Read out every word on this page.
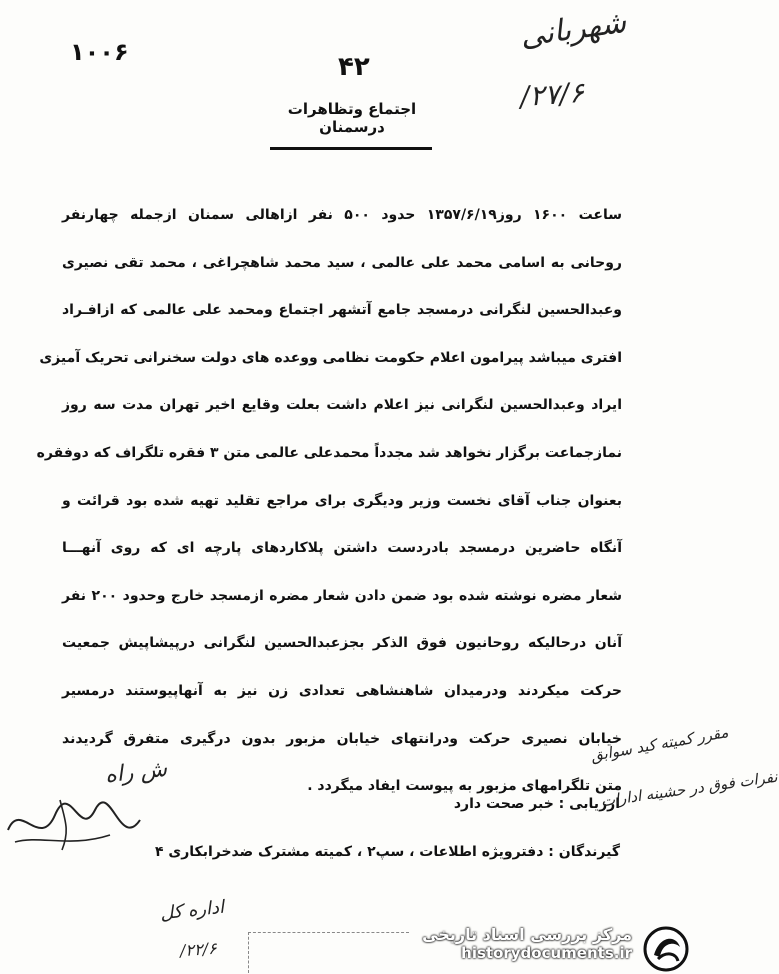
۱۰۰۶	۴۲
شهربانی
۲۷/۶/
اجتماع وتظاهرات درسمنان
ساعت ۱۶۰۰ روز۱۳۵۷/۶/۱۹ حدود ۵۰۰ نفر ازاهالی سمنان ازجمله چهارنفر
روحانی به اسامی محمد علی عالمی ، سید محمد شاهچراغی ، محمد تقی نصیری
وعبدالحسین لنگرانی درمسجد جامع آتشهر اجتماع ومحمد علی عالمی که ازافـراد
افتری میباشد پیرامون اعلام حکومت نظامی ووعده های دولت سخنرانی تحریک آمیزی
ایراد وعبدالحسین لنگرانی نیز اعلام داشت بعلت وقایع اخیر تهران مدت سه روز
نمازجماعت برگزار نخواهد شد مجدداً محمدعلی عالمی متن ۳ فقره تلگراف که دوفقره
بعنوان جناب آقای نخست وزیر ودیگری برای مراجع تقلید تهیه شده بود قرائت و
آنگاه حاضرین درمسجد بادردست داشتن پلاکاردهای پارچه ای که روی آنهـــا
شعار مضره نوشته شده بود ضمن دادن شعار مضره ازمسجد خارج وحدود ۲۰۰ نفر
آنان درحالیکه روحانیون فوق الذکر بجزعبدالحسین لنگرانی درپیشاپیش جمعیت
حرکت میکردند ودرمیدان شاهنشاهی تعدادی زن نیز به آنهاپیوستند درمسیر
خیابان نصیری حرکت ودرانتهای خیابان مزبور بدون درگیری متفرق گردیدند
متن تلگرامهای مزبور به پیوست ایفاد میگردد .
ارزیابی : خبر صحت دارد
گیرندگان : دفترویژه اطلاعات ، سپ۲ ، کمیته مشترک ضدخرابکاری ۴
مقرر کمیته کید سوابق
نفرات فوق در حشینه ادارات
ش راه
اداره کل
۲۲/۶/
مرکز بررسی اسناد تاریخی
historydocuments.ir
